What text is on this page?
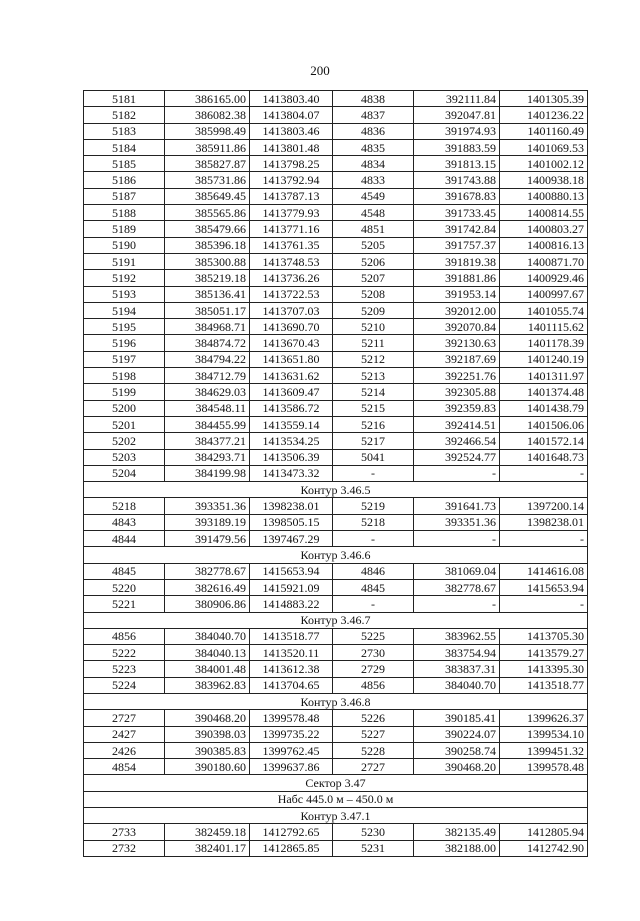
200
5181	386165.00	1413803.40	4838	392111.84	1401305.39
5182	386082.38	1413804.07	4837	392047.81	1401236.22
5183	385998.49	1413803.46	4836	391974.93	1401160.49
5184	385911.86	1413801.48	4835	391883.59	1401069.53
5185	385827.87	1413798.25	4834	391813.15	1401002.12
5186	385731.86	1413792.94	4833	391743.88	1400938.18
5187	385649.45	1413787.13	4549	391678.83	1400880.13
5188	385565.86	1413779.93	4548	391733.45	1400814.55
5189	385479.66	1413771.16	4851	391742.84	1400803.27
5190	385396.18	1413761.35	5205	391757.37	1400816.13
5191	385300.88	1413748.53	5206	391819.38	1400871.70
5192	385219.18	1413736.26	5207	391881.86	1400929.46
5193	385136.41	1413722.53	5208	391953.14	1400997.67
5194	385051.17	1413707.03	5209	392012.00	1401055.74
5195	384968.71	1413690.70	5210	392070.84	1401115.62
5196	384874.72	1413670.43	5211	392130.63	1401178.39
5197	384794.22	1413651.80	5212	392187.69	1401240.19
5198	384712.79	1413631.62	5213	392251.76	1401311.97
5199	384629.03	1413609.47	5214	392305.88	1401374.48
5200	384548.11	1413586.72	5215	392359.83	1401438.79
5201	384455.99	1413559.14	5216	392414.51	1401506.06
5202	384377.21	1413534.25	5217	392466.54	1401572.14
5203	384293.71	1413506.39	5041	392524.77	1401648.73
5204	384199.98	1413473.32	-	-	-
Контур 3.46.5					
5218	393351.36	1398238.01	5219	391641.73	1397200.14
4843	393189.19	1398505.15	5218	393351.36	1398238.01
4844	391479.56	1397467.29	-	-	-
Контур 3.46.6					
4845	382778.67	1415653.94	4846	381069.04	1414616.08
5220	382616.49	1415921.09	4845	382778.67	1415653.94
5221	380906.86	1414883.22	-	-	-
Контур 3.46.7					
4856	384040.70	1413518.77	5225	383962.55	1413705.30
5222	384040.13	1413520.11	2730	383754.94	1413579.27
5223	384001.48	1413612.38	2729	383837.31	1413395.30
5224	383962.83	1413704.65	4856	384040.70	1413518.77
Контур 3.46.8					
2727	390468.20	1399578.48	5226	390185.41	1399626.37
2427	390398.03	1399735.22	5227	390224.07	1399534.10
2426	390385.83	1399762.45	5228	390258.74	1399451.32
4854	390180.60	1399637.86	2727	390468.20	1399578.48
Сектор 3.47					
Набс 445.0 м – 450.0 м					
Контур 3.47.1					
2733	382459.18	1412792.65	5230	382135.49	1412805.94
2732	382401.17	1412865.85	5231	382188.00	1412742.90
